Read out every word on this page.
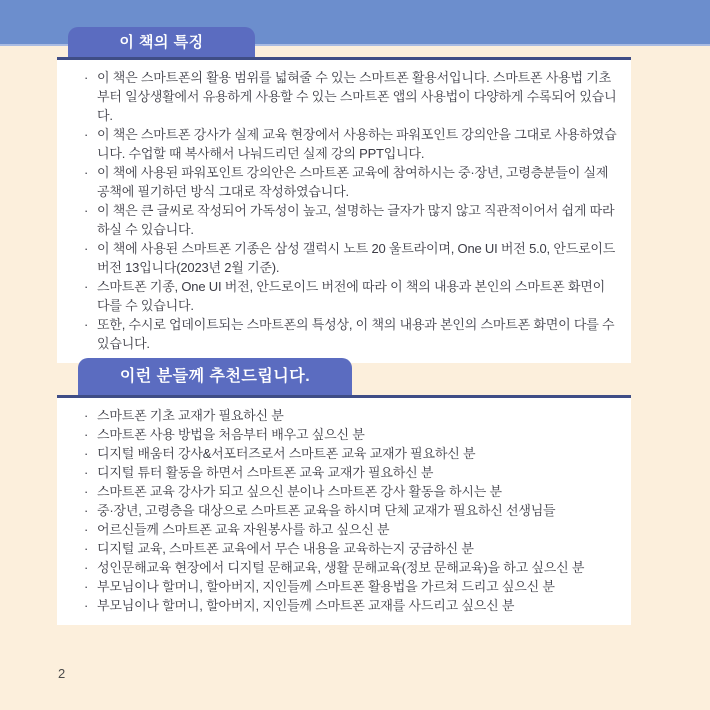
이 책의 특징
· 이 책은 스마트폰의 활용 범위를 넓혀줄 수 있는 스마트폰 활용서입니다. 스마트폰 사용법 기초부터 일상생활에서 유용하게 사용할 수 있는 스마트폰 앱의 사용법이 다양하게 수록되어 있습니다.
· 이 책은 스마트폰 강사가 실제 교육 현장에서 사용하는 파워포인트 강의안을 그대로 사용하였습니다. 수업할 때 복사해서 나눠드리던 실제 강의 PPT입니다.
· 이 책에 사용된 파워포인트 강의안은 스마트폰 교육에 참여하시는 중·장년, 고령층분들이 실제 공책에 필기하던 방식 그대로 작성하였습니다.
· 이 책은 큰 글씨로 작성되어 가독성이 높고, 설명하는 글자가 많지 않고 직관적이어서 쉽게 따라 하실 수 있습니다.
· 이 책에 사용된 스마트폰 기종은 삼성 갤럭시 노트 20 울트라이며, One UI 버전 5.0, 안드로이드 버전 13입니다(2023년 2월 기준).
· 스마트폰 기종, One UI 버전, 안드로이드 버전에 따라 이 책의 내용과 본인의 스마트폰 화면이 다를 수 있습니다.
· 또한, 수시로 업데이트되는 스마트폰의 특성상, 이 책의 내용과 본인의 스마트폰 화면이 다를 수 있습니다.
이런 분들께 추천드립니다.
· 스마트폰 기초 교재가 필요하신 분
· 스마트폰 사용 방법을 처음부터 배우고 싶으신 분
· 디지털 배움터 강사&서포터즈로서 스마트폰 교육 교재가 필요하신 분
· 디지털 튜터 활동을 하면서 스마트폰 교육 교재가 필요하신 분
· 스마트폰 교육 강사가 되고 싶으신 분이나 스마트폰 강사 활동을 하시는 분
· 중·장년, 고령층을 대상으로 스마트폰 교육을 하시며 단체 교재가 필요하신 선생님들
· 어르신들께 스마트폰 교육 자원봉사를 하고 싶으신 분
· 디지털 교육, 스마트폰 교육에서 무슨 내용을 교육하는지 궁금하신 분
· 성인문해교육 현장에서 디지털 문해교육, 생활 문해교육(정보 문해교육)을 하고 싶으신 분
· 부모님이나 할머니, 할아버지, 지인들께 스마트폰 활용법을 가르쳐 드리고 싶으신 분
· 부모님이나 할머니, 할아버지, 지인들께 스마트폰 교재를 사드리고 싶으신 분
2
